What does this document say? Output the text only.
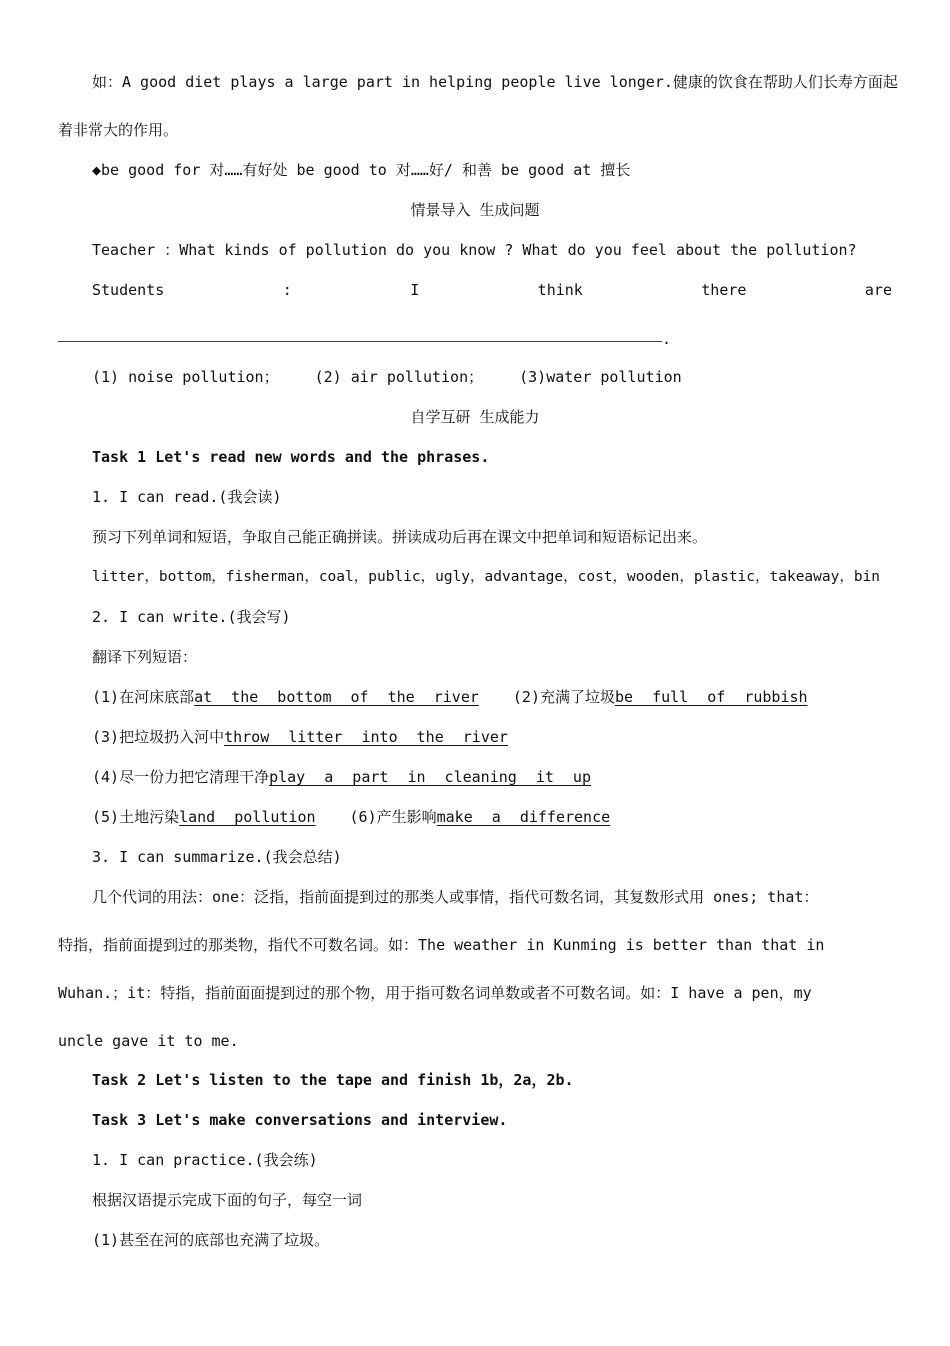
如：A good diet plays a large part in helping people live longer.健康的饮食在帮助人们长寿方面起
着非常大的作用。
◆be good for 对……有好处 be good to 对……好/ 和善 be good at 擅长
情景导入 生成问题
Teacher ：What kinds of pollution do you know ? What do you feel about the pollution?
Students	:	I	think	there	are
.
(1) noise pollution； (2) air pollution； (3)water pollution
自学互研 生成能力
Task 1 Let's read new words and the phrases.
1. I can read.(我会读)
预习下列单词和短语，争取自己能正确拼读。拼读成功后再在课文中把单词和短语标记出来。
litter，bottom，fisherman，coal，public，ugly，advantage，cost，wooden，plastic，takeaway，bin
2. I can write.(我会写)
翻译下列短语：
(1)在河床底部at the bottom of the river (2)充满了垃圾be full of rubbish
(3)把垃圾扔入河中throw litter into the river
(4)尽一份力把它清理干净play a part in cleaning it up
(5)土地污染land pollution (6)产生影响make a difference
3. I can summarize.(我会总结)
几个代词的用法：one：泛指，指前面提到过的那类人或事情，指代可数名词，其复数形式用 ones; that：
特指，指前面提到过的那类物，指代不可数名词。如：The weather in Kunming is better than that in
Wuhan.；it：特指，指前面面提到过的那个物，用于指可数名词单数或者不可数名词。如：I have a pen，my
uncle gave it to me.
Task 2 Let's listen to the tape and finish 1b，2a，2b.
Task 3 Let's make conversations and interview.
1. I can practice.(我会练)
根据汉语提示完成下面的句子，每空一词
(1)甚至在河的底部也充满了垃圾。
